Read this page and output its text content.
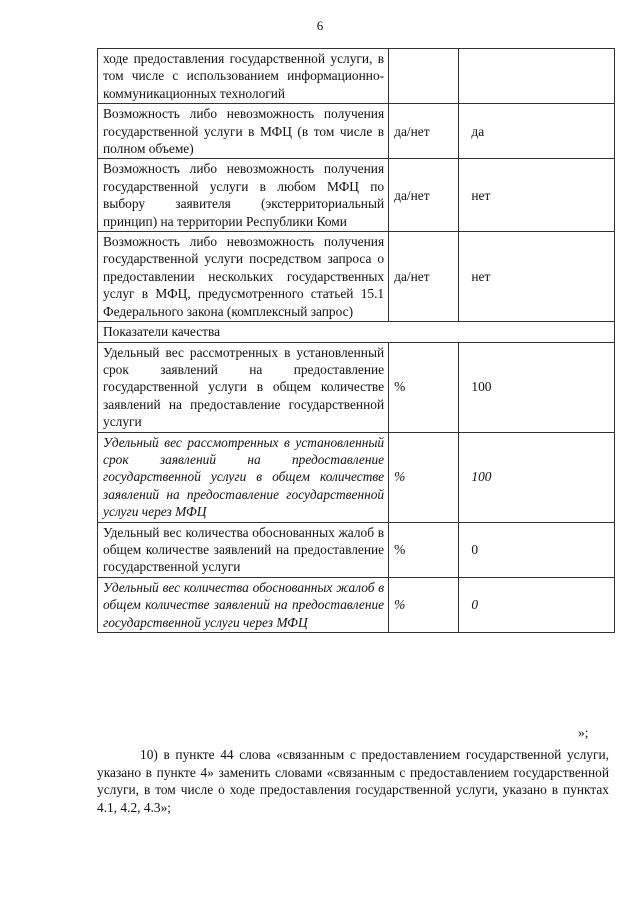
6
ходе предоставления государственной услуги, в том числе с использованием информационно-коммуникационных технологий		
Возможность либо невозможность получения государственной услуги в МФЦ (в том числе в полном объеме)	да/нет	да
Возможность либо невозможность получения государственной услуги в любом МФЦ по выбору заявителя (экстерриториальный принцип) на территории Республики Коми	да/нет	нет
Возможность либо невозможность получения государственной услуги посредством запроса о предоставлении нескольких государственных услуг в МФЦ, предусмотренного статьей 15.1 Федерального закона (комплексный запрос)	да/нет	нет
Показатели качества		
Удельный вес рассмотренных в установленный срок заявлений на предоставление государственной услуги в общем количестве заявлений на предоставление государственной услуги	%	100
Удельный вес рассмотренных в установленный срок заявлений на предоставление государственной услуги в общем количестве заявлений на предоставление государственной услуги через МФЦ	%	100
Удельный вес количества обоснованных жалоб в общем количестве заявлений на предоставление государственной услуги	%	0
Удельный вес количества обоснованных жалоб в общем количестве заявлений на предоставление государственной услуги через МФЦ	%	0
»;
10) в пункте 44 слова «связанным с предоставлением государственной услуги, указано в пункте 4» заменить словами «связанным с предоставлением государственной услуги, в том числе о ходе предоставления государственной услуги, указано в пунктах 4.1, 4.2, 4.3»;
